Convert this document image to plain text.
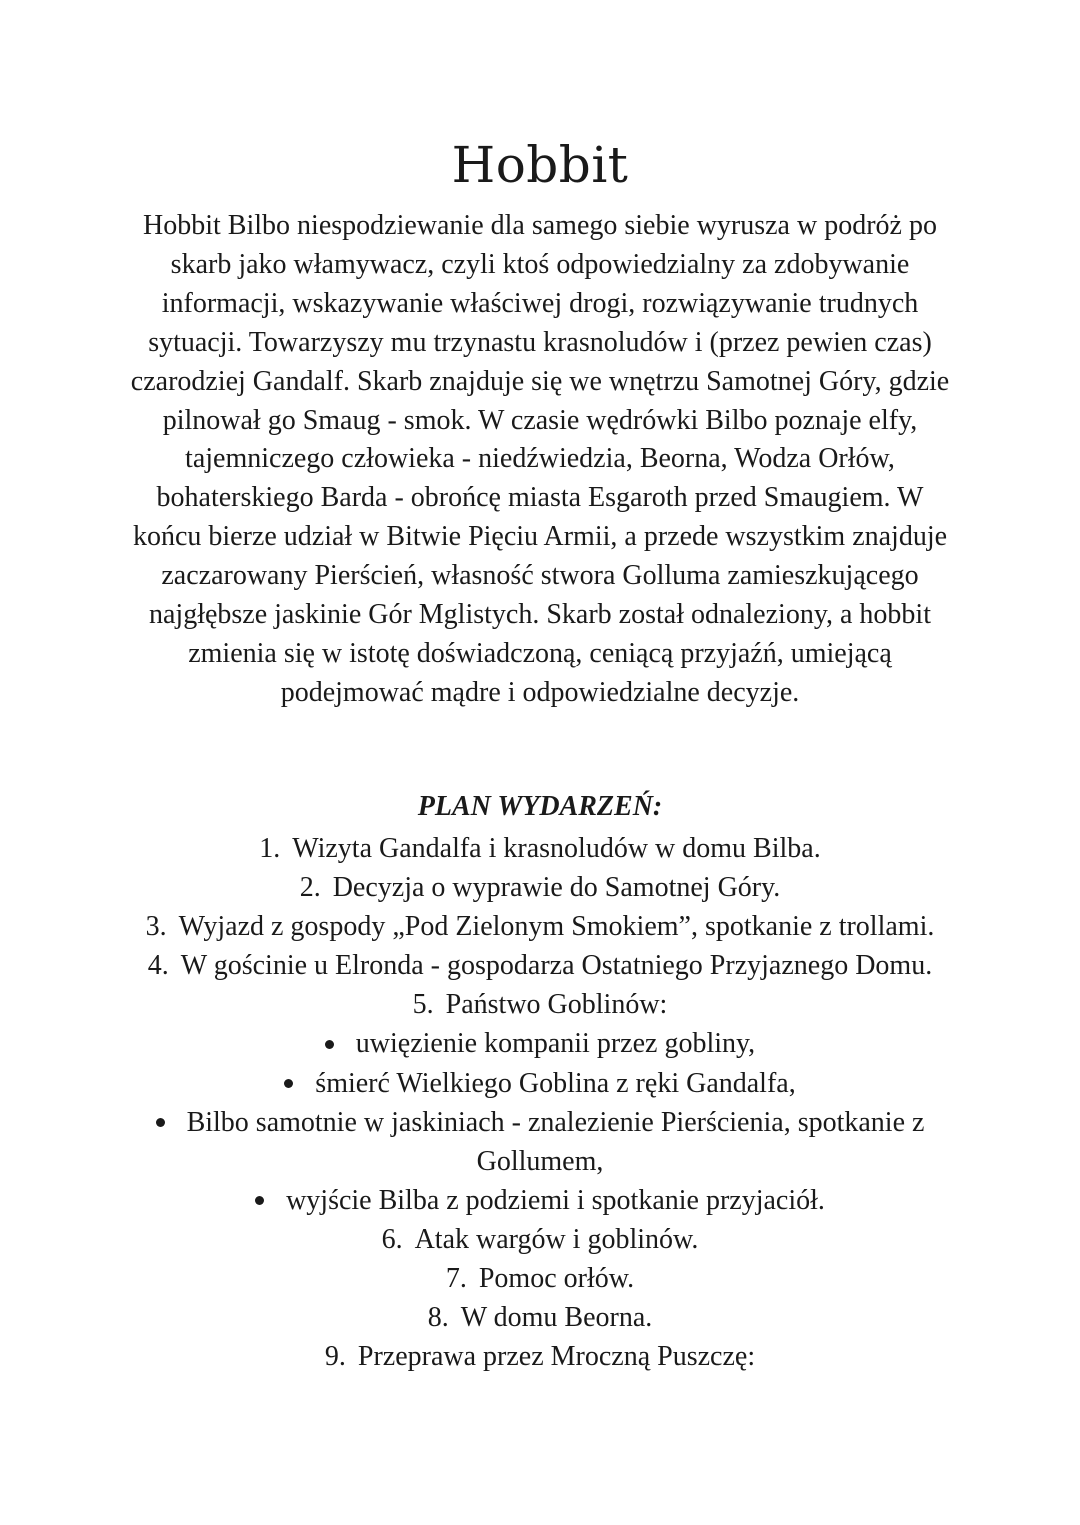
Hobbit
Hobbit Bilbo niespodziewanie dla samego siebie wyrusza w podróż po
skarb jako włamywacz, czyli ktoś odpowiedzialny za zdobywanie
informacji, wskazywanie właściwej drogi, rozwiązywanie trudnych
sytuacji. Towarzyszy mu trzynastu krasnoludów i (przez pewien czas)
czarodziej Gandalf. Skarb znajduje się we wnętrzu Samotnej Góry, gdzie
pilnował go Smaug - smok. W czasie wędrówki Bilbo poznaje elfy,
tajemniczego człowieka - niedźwiedzia, Beorna, Wodza Orłów,
bohaterskiego Barda - obrońcę miasta Esgaroth przed Smaugiem. W
końcu bierze udział w Bitwie Pięciu Armii, a przede wszystkim znajduje
zaczarowany Pierścień, własność stwora Golluma zamieszkującego
najgłębsze jaskinie Gór Mglistych. Skarb został odnaleziony, a hobbit
zmienia się w istotę doświadczoną, ceniącą przyjaźń, umiejącą
podejmować mądre i odpowiedzialne decyzje.
PLAN WYDARZEŃ:
1. Wizyta Gandalfa i krasnoludów w domu Bilba.
2. Decyzja o wyprawie do Samotnej Góry.
3. Wyjazd z gospody „Pod Zielonym Smokiem”, spotkanie z trollami.
4. W gościnie u Elronda - gospodarza Ostatniego Przyjaznego Domu.
5. Państwo Goblinów:
uwięzienie kompanii przez gobliny,
śmierć Wielkiego Goblina z ręki Gandalfa,
Bilbo samotnie w jaskiniach - znalezienie Pierścienia, spotkanie z
Gollumem,
wyjście Bilba z podziemi i spotkanie przyjaciół.
6. Atak wargów i goblinów.
7. Pomoc orłów.
8. W domu Beorna.
9. Przeprawa przez Mroczną Puszczę:
